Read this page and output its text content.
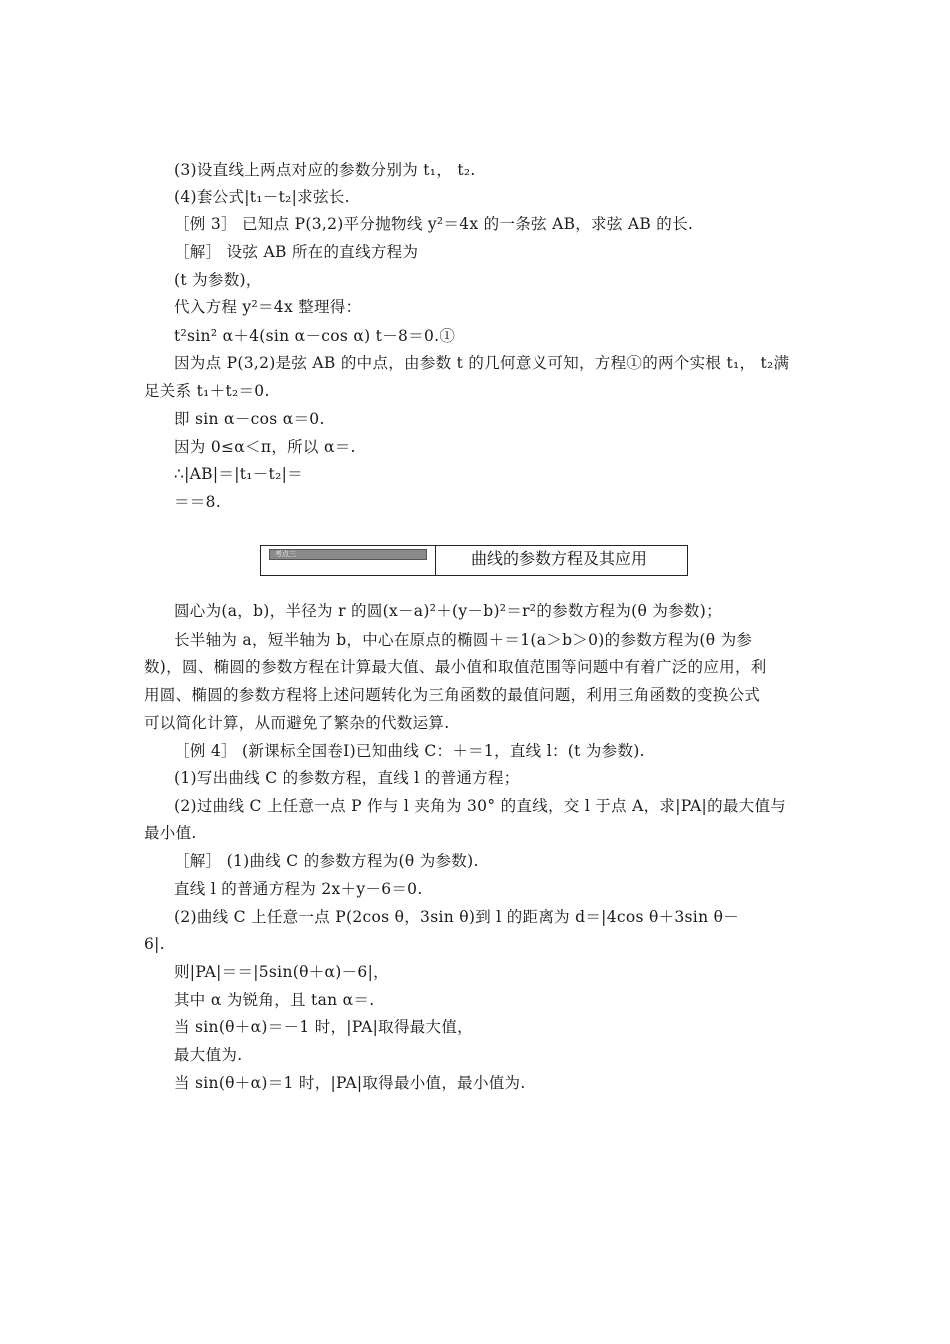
(3)设直线上两点对应的参数分别为 t₁， t₂.
(4)套公式|t₁－t₂|求弦长.
［例 3］ 已知点 P(3,2)平分抛物线 y²＝4x 的一条弦 AB，求弦 AB 的长.
［解］ 设弦 AB 所在的直线方程为
(t 为参数)，
代入方程 y²＝4x 整理得：
t²sin² α＋4(sin α－cos α) t－8＝0.①
因为点 P(3,2)是弦 AB 的中点，由参数 t 的几何意义可知，方程①的两个实根 t₁， t₂满
足关系 t₁＋t₂＝0.
即 sin α－cos α＝0.
因为 0≤α＜π，所以 α＝.
∴|AB|＝|t₁－t₂|＝
＝＝8.
考点三	曲线的参数方程及其应用
圆心为(a，b)，半径为 r 的圆(x－a)²＋(y－b)²＝r²的参数方程为(θ 为参数)；
长半轴为 a，短半轴为 b，中心在原点的椭圆＋＝1(a＞b＞0)的参数方程为(θ 为参
数)，圆、椭圆的参数方程在计算最大值、最小值和取值范围等问题中有着广泛的应用，利
用圆、椭圆的参数方程将上述问题转化为三角函数的最值问题，利用三角函数的变换公式
可以简化计算，从而避免了繁杂的代数运算.
［例 4］ (新课标全国卷Ⅰ)已知曲线 C：＋＝1，直线 l：(t 为参数).
(1)写出曲线 C 的参数方程，直线 l 的普通方程；
(2)过曲线 C 上任意一点 P 作与 l 夹角为 30° 的直线，交 l 于点 A，求|PA|的最大值与
最小值.
［解］ (1)曲线 C 的参数方程为(θ 为参数).
直线 l 的普通方程为 2x＋y－6＝0.
(2)曲线 C 上任意一点 P(2cos θ，3sin θ)到 l 的距离为 d＝|4cos θ＋3sin θ－
6|.
则|PA|＝＝|5sin(θ＋α)－6|，
其中 α 为锐角，且 tan α＝.
当 sin(θ＋α)＝－1 时，|PA|取得最大值，
最大值为.
当 sin(θ＋α)＝1 时，|PA|取得最小值，最小值为.
